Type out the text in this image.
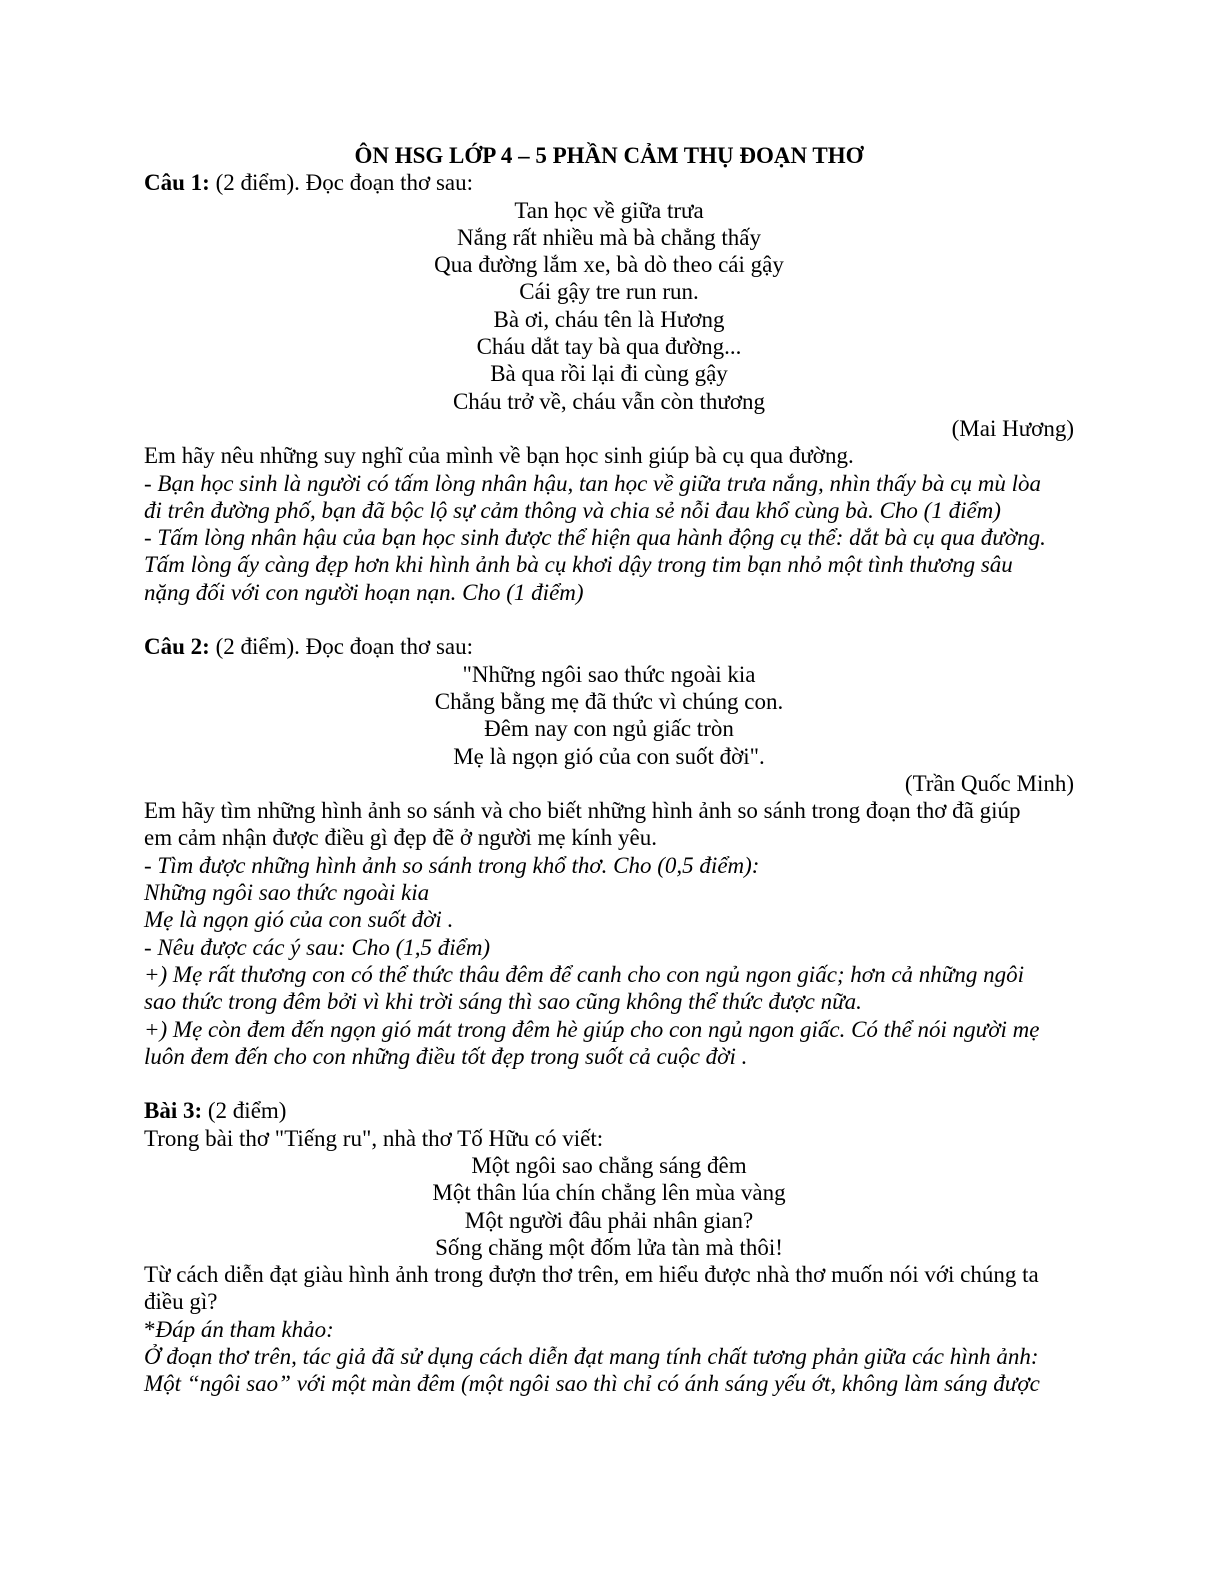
ÔN HSG LỚP 4 – 5 PHẦN CẢM THỤ ĐOẠN THƠ
Câu 1: (2 điểm). Đọc đoạn thơ sau:
Tan học về giữa trưa
Nắng rất nhiều mà bà chẳng thấy
Qua đường lắm xe, bà dò theo cái gậy
Cái gậy tre run run.
Bà ơi, cháu tên là Hương
Cháu dắt tay bà qua đường...
Bà qua rồi lại đi cùng gậy
Cháu trở về, cháu vẫn còn thương
(Mai Hương)
Em hãy nêu những suy nghĩ của mình về bạn học sinh giúp bà cụ qua đường.
- Bạn học sinh là người có tấm lòng nhân hậu, tan học về giữa trưa nắng, nhìn thấy bà cụ mù lòa
đi trên đường phố, bạn đã bộc lộ sự cảm thông và chia sẻ nỗi đau khổ cùng bà. Cho (1 điểm)
- Tấm lòng nhân hậu của bạn học sinh được thể hiện qua hành động cụ thể: dắt bà cụ qua đường.
Tấm lòng ấy càng đẹp hơn khi hình ảnh bà cụ khơi dậy trong tim bạn nhỏ một tình thương sâu
nặng đối với con người hoạn nạn. Cho (1 điểm)
Câu 2: (2 điểm). Đọc đoạn thơ sau:
"Những ngôi sao thức ngoài kia
Chẳng bằng mẹ đã thức vì chúng con.
Đêm nay con ngủ giấc tròn
Mẹ là ngọn gió của con suốt đời".
(Trần Quốc Minh)
Em hãy tìm những hình ảnh so sánh và cho biết những hình ảnh so sánh trong đoạn thơ đã giúp
em cảm nhận được điều gì đẹp đẽ ở người mẹ kính yêu.
- Tìm được những hình ảnh so sánh trong khổ thơ. Cho (0,5 điểm):
Những ngôi sao thức ngoài kia
Mẹ là ngọn gió của con suốt đời .
- Nêu được các ý sau: Cho (1,5 điểm)
+) Mẹ rất thương con có thể thức thâu đêm để canh cho con ngủ ngon giấc; hơn cả những ngôi
sao thức trong đêm bởi vì khi trời sáng thì sao cũng không thể thức được nữa.
+) Mẹ còn đem đến ngọn gió mát trong đêm hè giúp cho con ngủ ngon giấc. Có thể nói người mẹ
luôn đem đến cho con những điều tốt đẹp trong suốt cả cuộc đời .
Bài 3: (2 điểm)
Trong bài thơ "Tiếng ru", nhà thơ Tố Hữu có viết:
Một ngôi sao chẳng sáng đêm
Một thân lúa chín chẳng lên mùa vàng
Một người đâu phải nhân gian?
Sống chăng một đốm lửa tàn mà thôi!
Từ cách diễn đạt giàu hình ảnh trong đượn thơ trên, em hiểu được nhà thơ muốn nói với chúng ta
điều gì?
*Đáp án tham khảo:
Ở đoạn thơ trên, tác giả đã sử dụng cách diễn đạt mang tính chất tương phản giữa các hình ảnh:
Một “ngôi sao” với một màn đêm (một ngôi sao thì chỉ có ánh sáng yếu ớt, không làm sáng được
